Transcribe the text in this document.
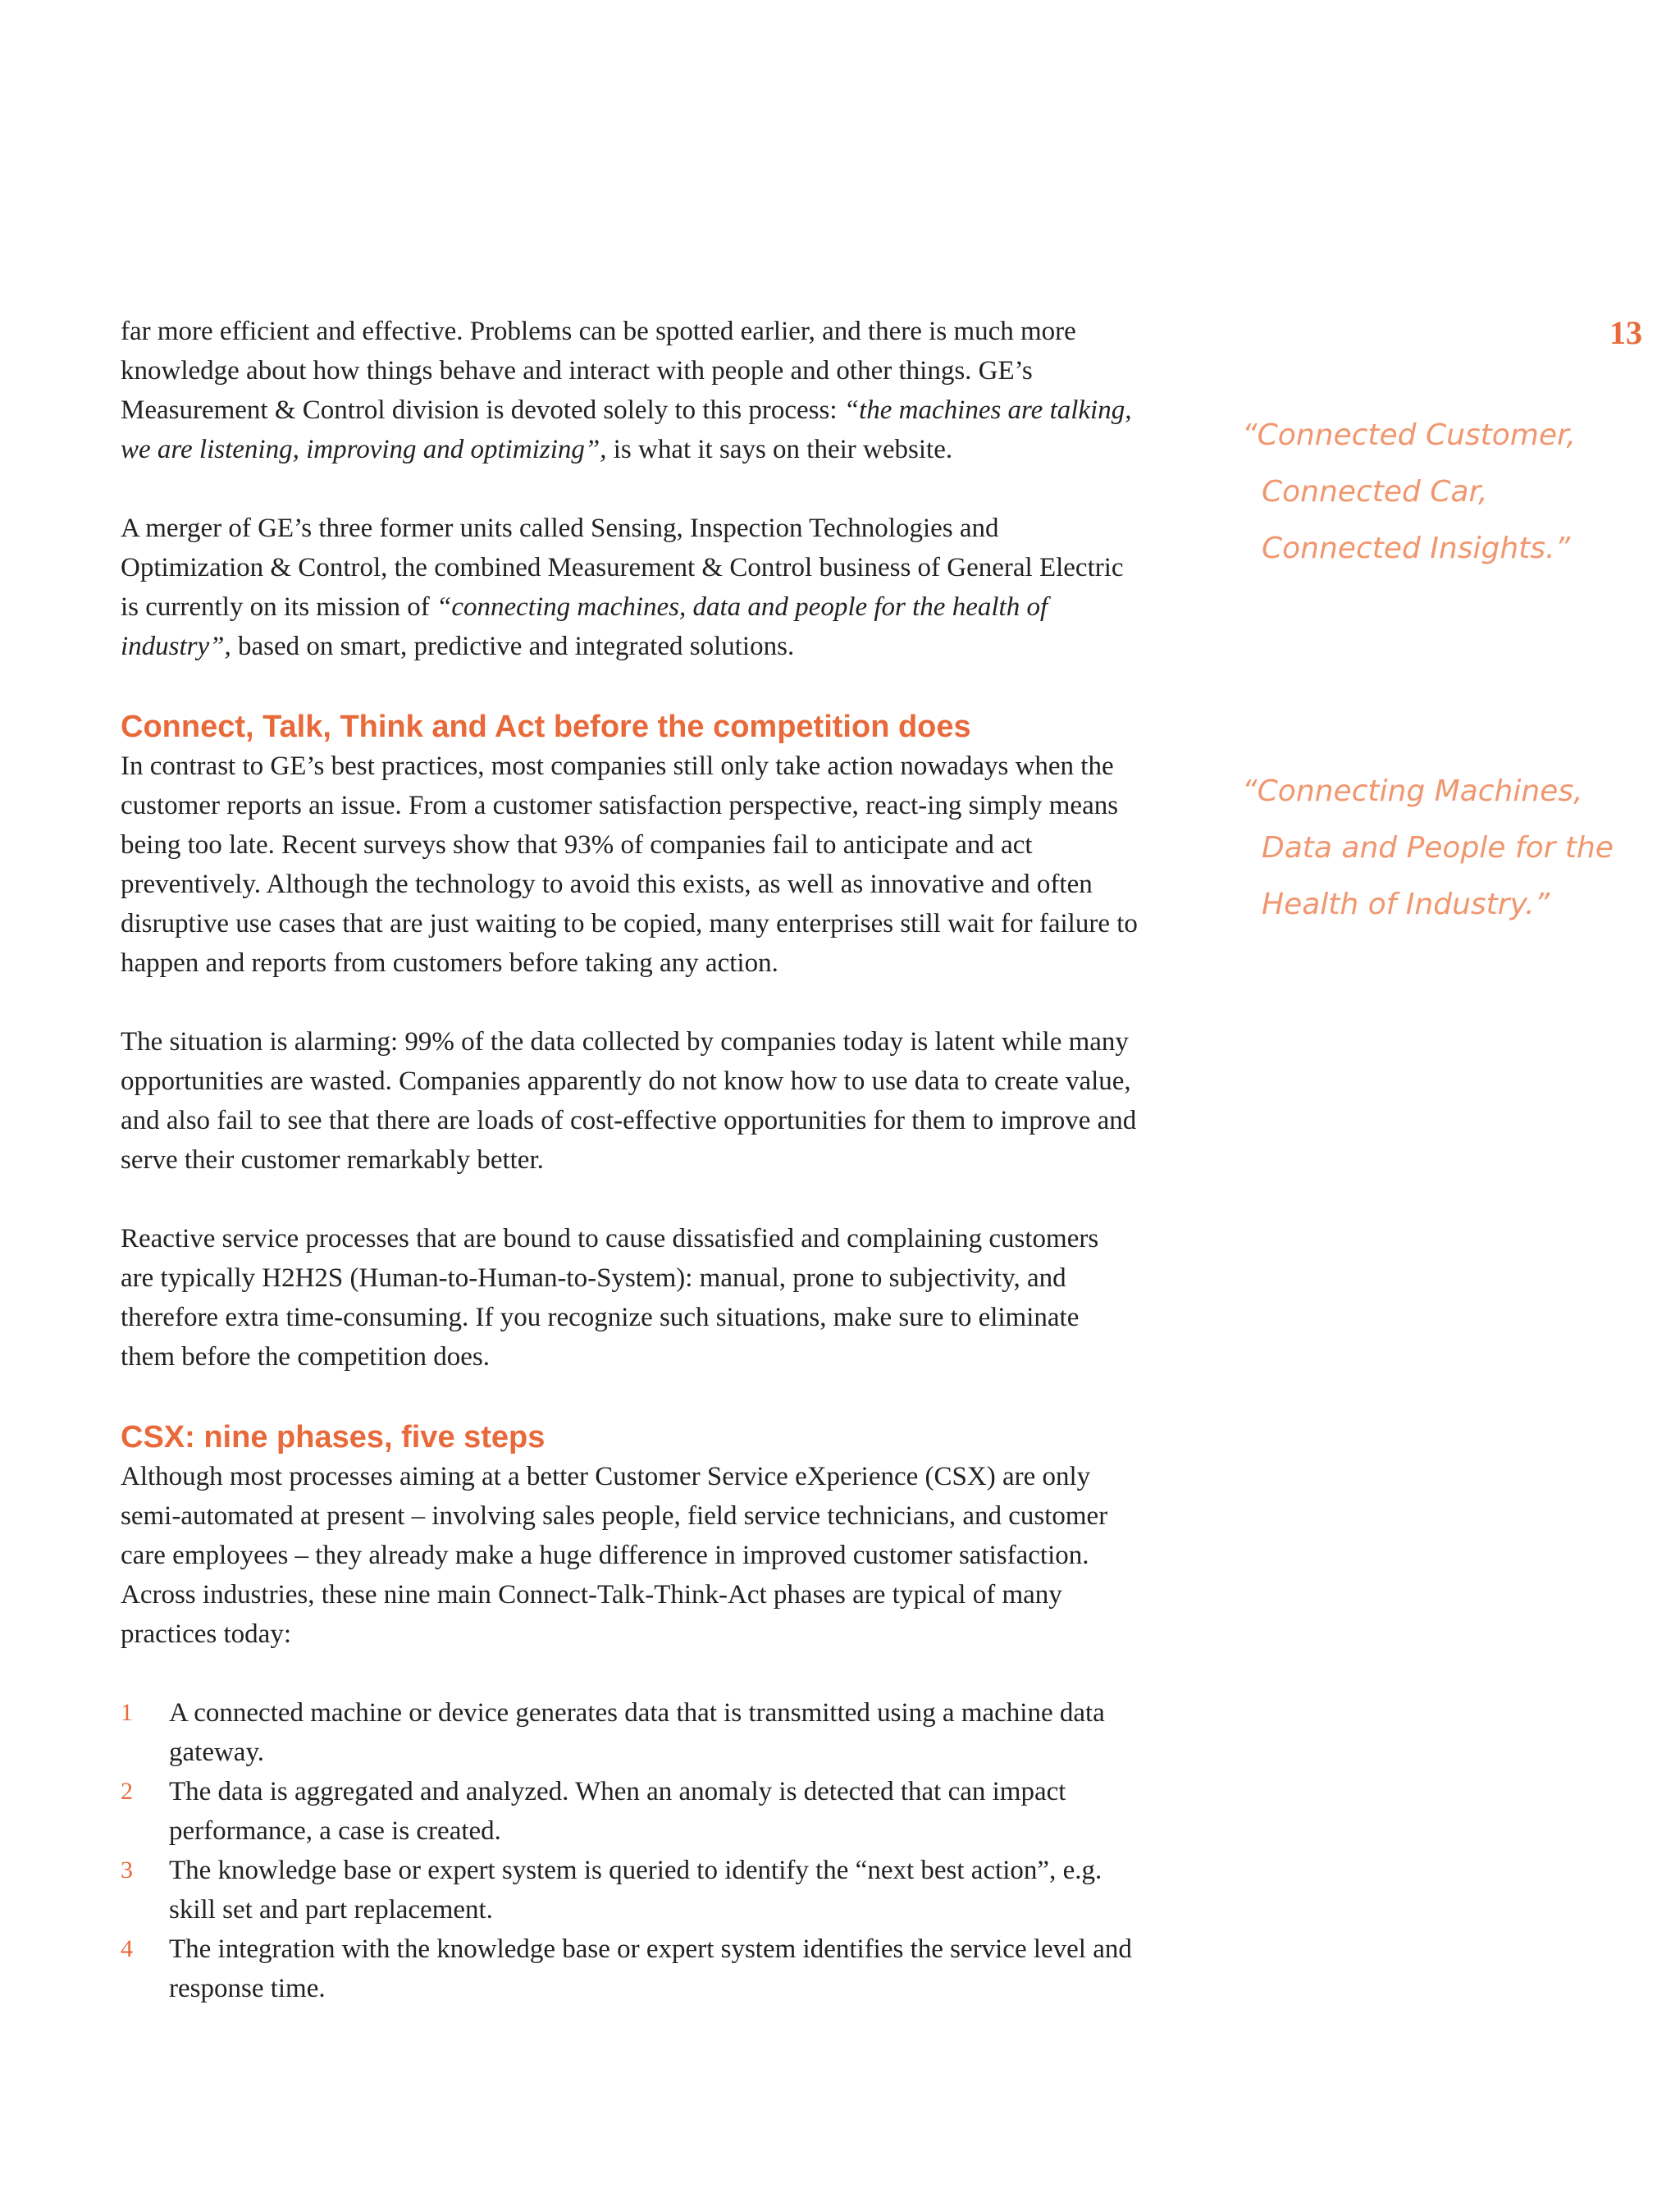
13

far more efficient and effective. Problems can be spotted earlier, and there is much more knowledge about how things behave and interact with people and other things. GE’s Measurement & Control division is devoted solely to this process: “the machines are talking, we are listening, improving and optimizing”, is what it says on their website.

A merger of GE’s three former units called Sensing, Inspection Technologies and Optimization & Control, the combined Measurement & Control business of General Electric is currently on its mission of “connecting machines, data and people for the health of industry”, based on smart, predictive and integrated solutions.

Connect, Talk, Think and Act before the competition does

In contrast to GE’s best practices, most companies still only take action nowadays when the customer reports an issue. From a customer satisfaction perspective, react-ing simply means being too late. Recent surveys show that 93% of companies fail to anticipate and act preventively. Although the technology to avoid this exists, as well as innovative and often disruptive use cases that are just waiting to be copied, many enterprises still wait for failure to happen and reports from customers before taking any action.

The situation is alarming: 99% of the data collected by companies today is latent while many opportunities are wasted. Companies apparently do not know how to use data to create value, and also fail to see that there are loads of cost-effective opportunities for them to improve and serve their customer remarkably better.

Reactive service processes that are bound to cause dissatisfied and complaining customers are typically H2H2S (Human-to-Human-to-System): manual, prone to subjectivity, and therefore extra time-consuming. If you recognize such situations, make sure to eliminate them before the competition does.

CSX: nine phases, five steps

Although most processes aiming at a better Customer Service eXperience (CSX) are only semi-automated at present – involving sales people, field service technicians, and customer care employees – they already make a huge difference in improved customer satisfaction. Across industries, these nine main Connect-Talk-Think-Act phases are typical of many practices today:

1 A connected machine or device generates data that is transmitted using a machine data gateway.
2 The data is aggregated and analyzed. When an anomaly is detected that can impact performance, a case is created.
3 The knowledge base or expert system is queried to identify the “next best action”, e.g. skill set and part replacement.
4 The integration with the knowledge base or expert system identifies the service level and response time.
“Connected Customer,
Connected Car,
Connected Insights.”
“Connecting Machines,
Data and People for the
Health of Industry.”
